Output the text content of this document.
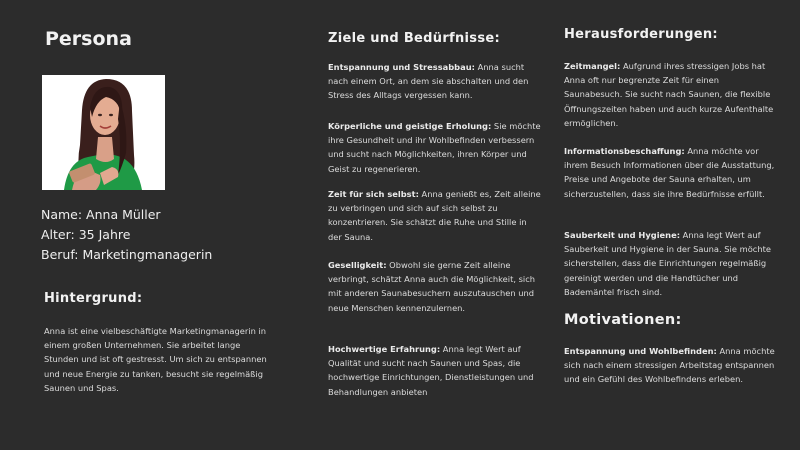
Persona
Name: Anna Müller
Alter: 35 Jahre
Beruf: Marketingmanagerin
Hintergrund:

Anna ist eine vielbeschäftigte Marketingmanagerin in einem großen Unternehmen. Sie arbeitet lange Stunden und ist oft gestresst. Um sich zu entspannen und neue Energie zu tanken, besucht sie regelmäßig Saunen und Spas.

Ziele und Bedürfnisse:

Entspannung und Stressabbau: Anna sucht nach einem Ort, an dem sie abschalten und den Stress des Alltags vergessen kann.

Körperliche und geistige Erholung: Sie möchte ihre Gesundheit und ihr Wohlbefinden verbessern und sucht nach Möglichkeiten, ihren Körper und Geist zu regenerieren.

Zeit für sich selbst: Anna genießt es, Zeit alleine zu verbringen und sich auf sich selbst zu konzentrieren. Sie schätzt die Ruhe und Stille in der Sauna.

Geselligkeit: Obwohl sie gerne Zeit alleine verbringt, schätzt Anna auch die Möglichkeit, sich mit anderen Saunabesuchern auszutauschen und neue Menschen kennenzulernen.

Hochwertige Erfahrung: Anna legt Wert auf Qualität und sucht nach Saunen und Spas, die hochwertige Einrichtungen, Dienstleistungen und Behandlungen anbieten

Herausforderungen:

Zeitmangel: Aufgrund ihres stressigen Jobs hat Anna oft nur begrenzte Zeit für einen Saunabesuch. Sie sucht nach Saunen, die flexible Öffnungszeiten haben und auch kurze Aufenthalte ermöglichen.

Informationsbeschaffung: Anna möchte vor ihrem Besuch Informationen über die Ausstattung, Preise und Angebote der Sauna erhalten, um sicherzustellen, dass sie ihre Bedürfnisse erfüllt.

Sauberkeit und Hygiene: Anna legt Wert auf Sauberkeit und Hygiene in der Sauna. Sie möchte sicherstellen, dass die Einrichtungen regelmäßig gereinigt werden und die Handtücher und Bademäntel frisch sind.

Motivationen:

Entspannung und Wohlbefinden: Anna möchte sich nach einem stressigen Arbeitstag entspannen und ein Gefühl des Wohlbefindens erleben.
